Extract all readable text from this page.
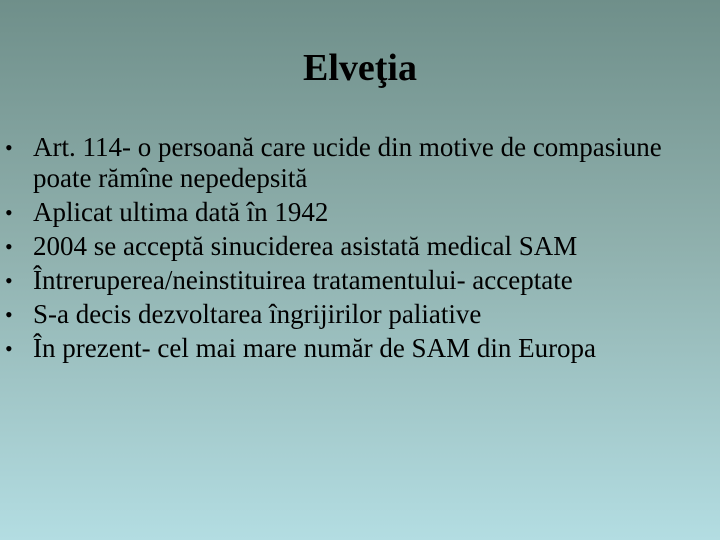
Elveţia
• Art. 114- o persoană care ucide din motive de compasiune poate rămîne nepedepsită
• Aplicat ultima dată în 1942
• 2004 se acceptă sinuciderea asistată medical SAM
• Întreruperea/neinstituirea tratamentului- acceptate
• S-a decis dezvoltarea îngrijirilor paliative
• În prezent- cel mai mare număr de SAM din Europa
